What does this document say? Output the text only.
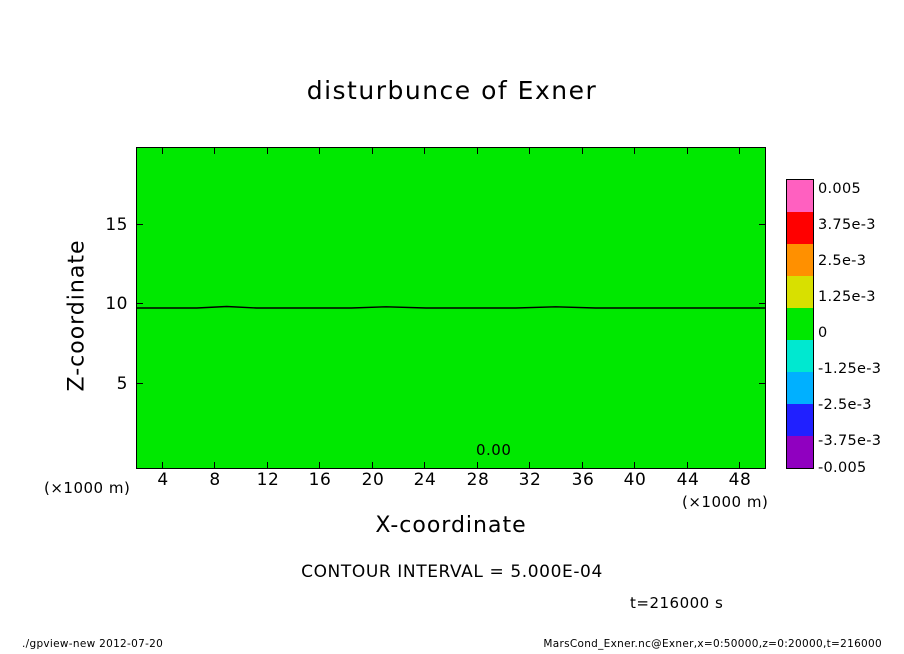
disturbunce of Exner
0.00
4	8	12	16	20	24	28	32	36	40	44	48
5
10
15
X-coordinate
Z-coordinate
(×1000 m)
(×1000 m)
0.005
3.75e-3
2.5e-3
1.25e-3
0
-1.25e-3
-2.5e-3
-3.75e-3
-0.005
CONTOUR INTERVAL = 5.000E-04
t=216000 s
./gpview-new 2012-07-20	MarsCond_Exner.nc@Exner,x=0:50000,z=0:20000,t=216000
